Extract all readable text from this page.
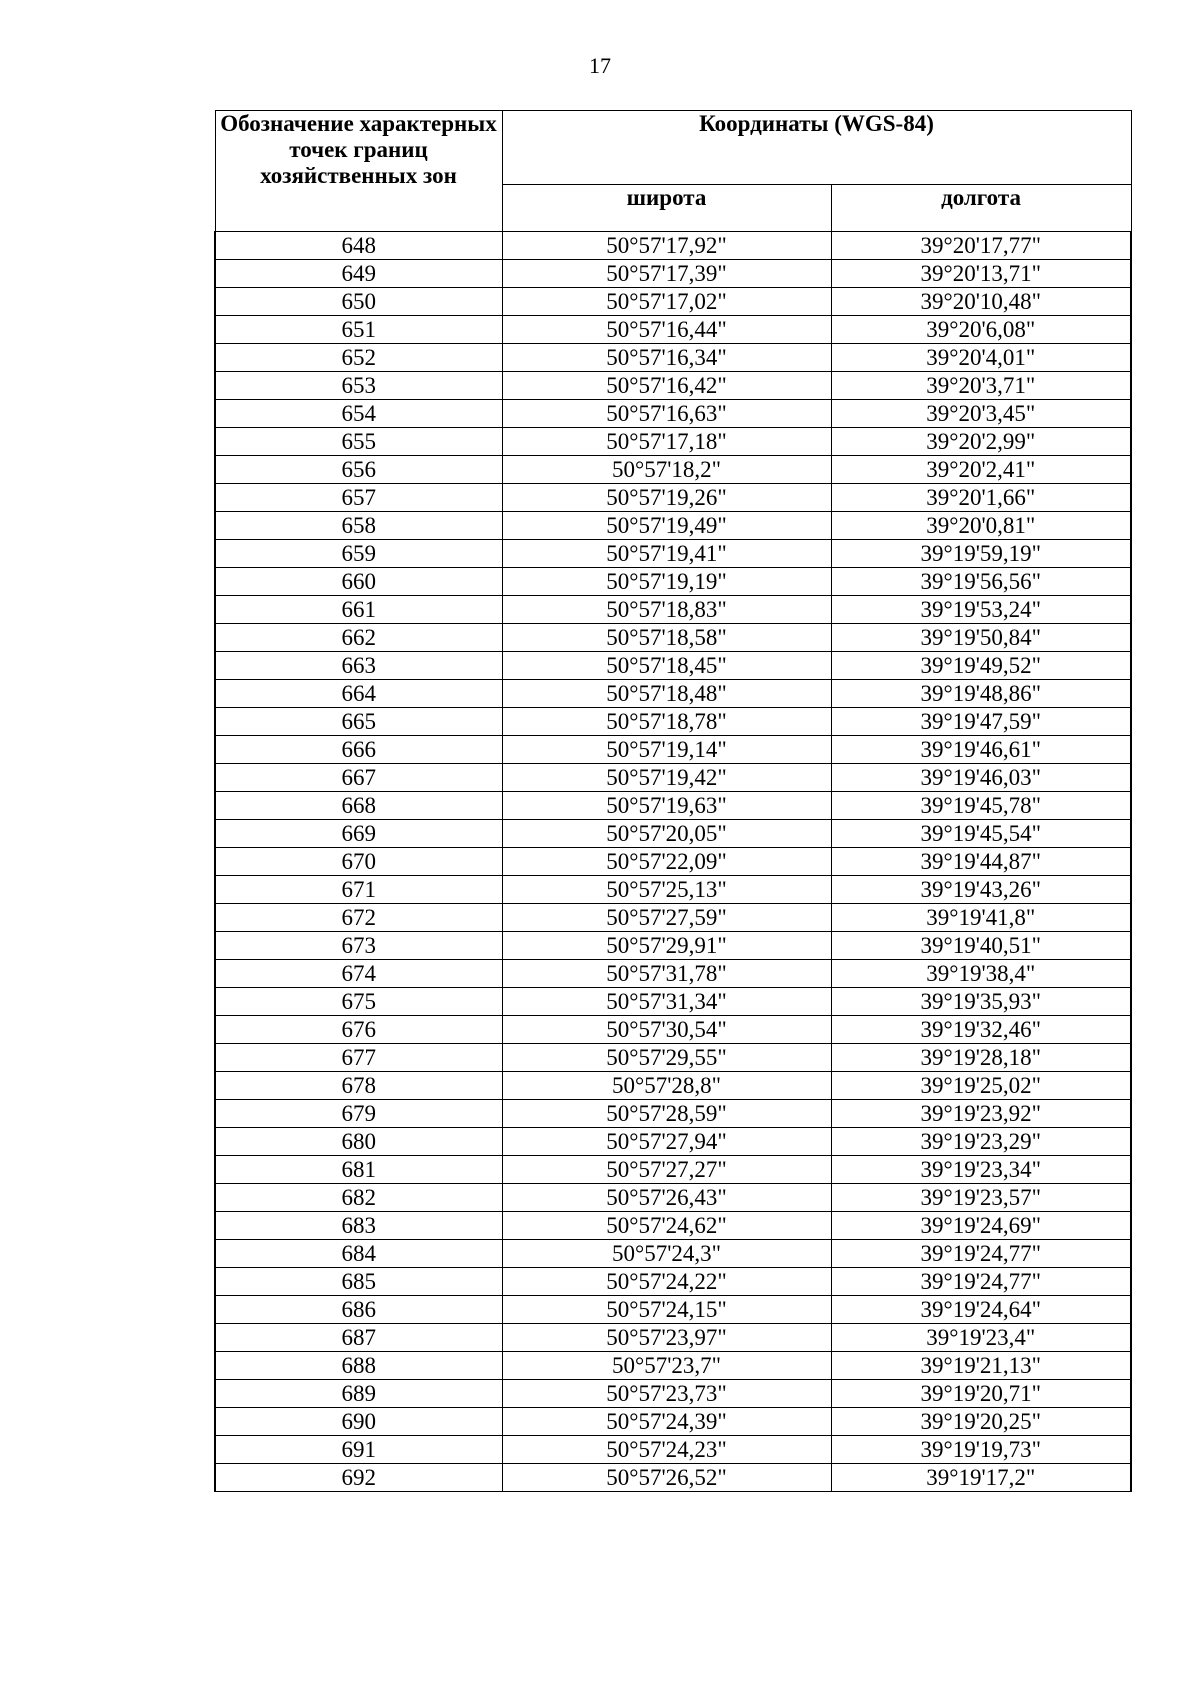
17
Обозначение характерных точек границ хозяйственных зон	Координаты (WGS-84)	
	широта	долгота
648	50°57'17,92"	39°20'17,77"
649	50°57'17,39"	39°20'13,71"
650	50°57'17,02"	39°20'10,48"
651	50°57'16,44"	39°20'6,08"
652	50°57'16,34"	39°20'4,01"
653	50°57'16,42"	39°20'3,71"
654	50°57'16,63"	39°20'3,45"
655	50°57'17,18"	39°20'2,99"
656	50°57'18,2"	39°20'2,41"
657	50°57'19,26"	39°20'1,66"
658	50°57'19,49"	39°20'0,81"
659	50°57'19,41"	39°19'59,19"
660	50°57'19,19"	39°19'56,56"
661	50°57'18,83"	39°19'53,24"
662	50°57'18,58"	39°19'50,84"
663	50°57'18,45"	39°19'49,52"
664	50°57'18,48"	39°19'48,86"
665	50°57'18,78"	39°19'47,59"
666	50°57'19,14"	39°19'46,61"
667	50°57'19,42"	39°19'46,03"
668	50°57'19,63"	39°19'45,78"
669	50°57'20,05"	39°19'45,54"
670	50°57'22,09"	39°19'44,87"
671	50°57'25,13"	39°19'43,26"
672	50°57'27,59"	39°19'41,8"
673	50°57'29,91"	39°19'40,51"
674	50°57'31,78"	39°19'38,4"
675	50°57'31,34"	39°19'35,93"
676	50°57'30,54"	39°19'32,46"
677	50°57'29,55"	39°19'28,18"
678	50°57'28,8"	39°19'25,02"
679	50°57'28,59"	39°19'23,92"
680	50°57'27,94"	39°19'23,29"
681	50°57'27,27"	39°19'23,34"
682	50°57'26,43"	39°19'23,57"
683	50°57'24,62"	39°19'24,69"
684	50°57'24,3"	39°19'24,77"
685	50°57'24,22"	39°19'24,77"
686	50°57'24,15"	39°19'24,64"
687	50°57'23,97"	39°19'23,4"
688	50°57'23,7"	39°19'21,13"
689	50°57'23,73"	39°19'20,71"
690	50°57'24,39"	39°19'20,25"
691	50°57'24,23"	39°19'19,73"
692	50°57'26,52"	39°19'17,2"
